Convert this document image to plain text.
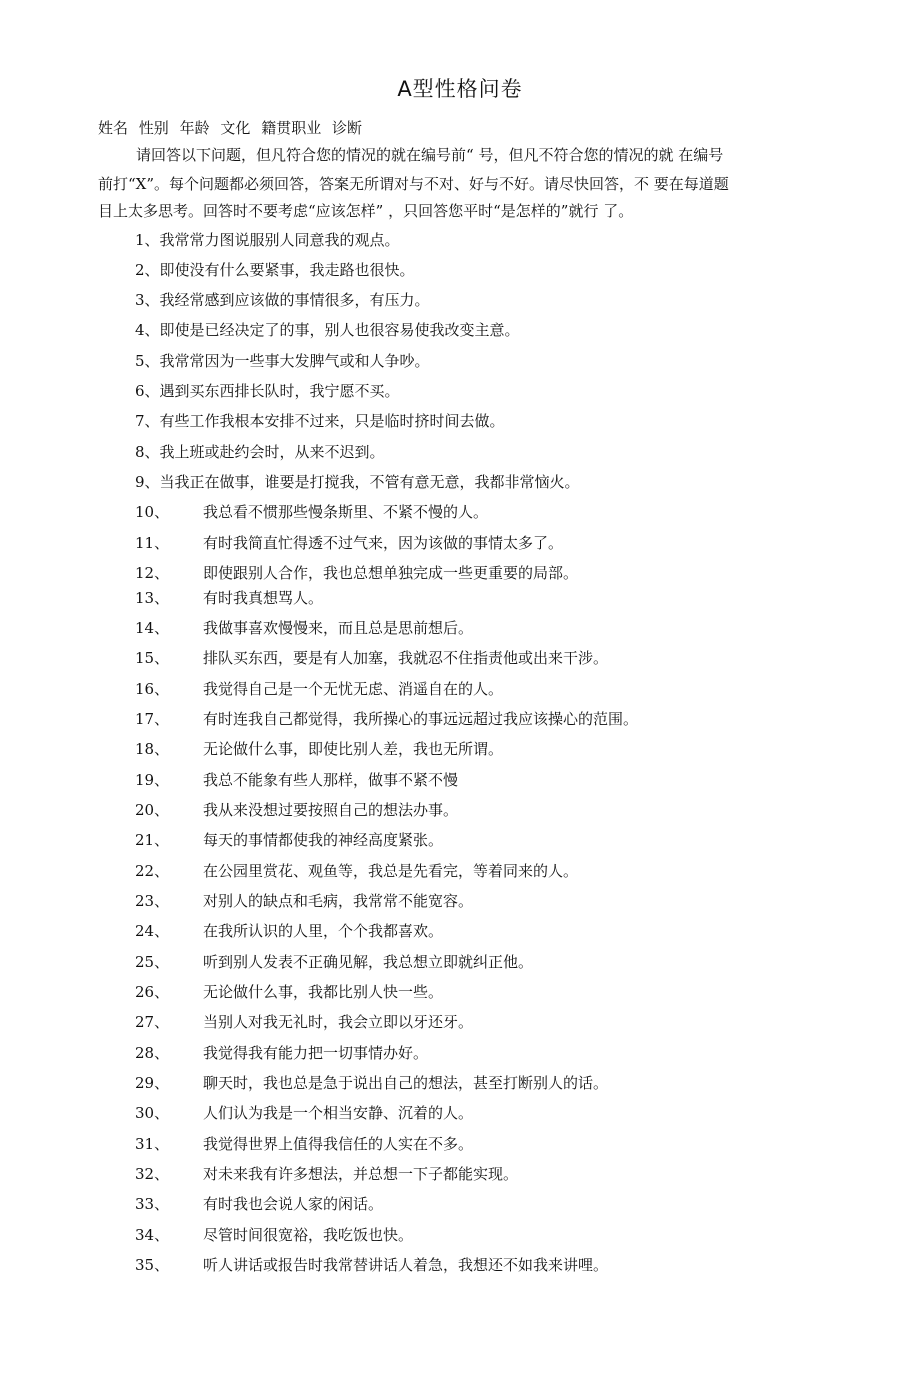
A型性格问卷
姓名 性别 年龄 文化 籍贯职业 诊断
请回答以下问题，但凡符合您的情况的就在编号前“ 号，但凡不符合您的情况的就 在编号
前打“X”。每个问题都必须回答，答案无所谓对与不对、好与不好。请尽快回答，不 要在每道题
目上太多思考。回答时不要考虑“应该怎样” ，只回答您平时“是怎样的”就行 了。
1、我常常力图说服别人同意我的观点。
2、即使没有什么要紧事，我走路也很快。
3、我经常感到应该做的事情很多，有压力。
4、即使是已经决定了的事，别人也很容易使我改变主意。
5、我常常因为一些事大发脾气或和人争吵。
6、遇到买东西排长队时，我宁愿不买。
7、有些工作我根本安排不过来，只是临时挤时间去做。
8、我上班或赴约会时，从来不迟到。
9、当我正在做事，谁要是打搅我，不管有意无意，我都非常恼火。
10、 我总看不惯那些慢条斯里、不紧不慢的人。
11、 有时我简直忙得透不过气来，因为该做的事情太多了。
12、 即使跟别人合作，我也总想单独完成一些更重要的局部。
13、 有时我真想骂人。
14、 我做事喜欢慢慢来，而且总是思前想后。
15、 排队买东西，要是有人加塞，我就忍不住指责他或出来干涉。
16、 我觉得自己是一个无忧无虑、消遥自在的人。
17、 有时连我自己都觉得，我所操心的事远远超过我应该操心的范围。
18、 无论做什么事，即使比别人差，我也无所谓。
19、 我总不能象有些人那样，做事不紧不慢
20、 我从来没想过要按照自己的想法办事。
21、 每天的事情都使我的神经高度紧张。
22、 在公园里赏花、观鱼等，我总是先看完，等着同来的人。
23、 对别人的缺点和毛病，我常常不能宽容。
24、 在我所认识的人里，个个我都喜欢。
25、 听到别人发表不正确见解，我总想立即就纠正他。
26、 无论做什么事，我都比别人快一些。
27、 当别人对我无礼时，我会立即以牙还牙。
28、 我觉得我有能力把一切事情办好。
29、 聊天时，我也总是急于说出自己的想法，甚至打断别人的话。
30、 人们认为我是一个相当安静、沉着的人。
31、 我觉得世界上值得我信任的人实在不多。
32、 对未来我有许多想法，并总想一下子都能实现。
33、 有时我也会说人家的闲话。
34、 尽管时间很宽裕，我吃饭也快。
35、 听人讲话或报告时我常替讲话人着急，我想还不如我来讲哩。
